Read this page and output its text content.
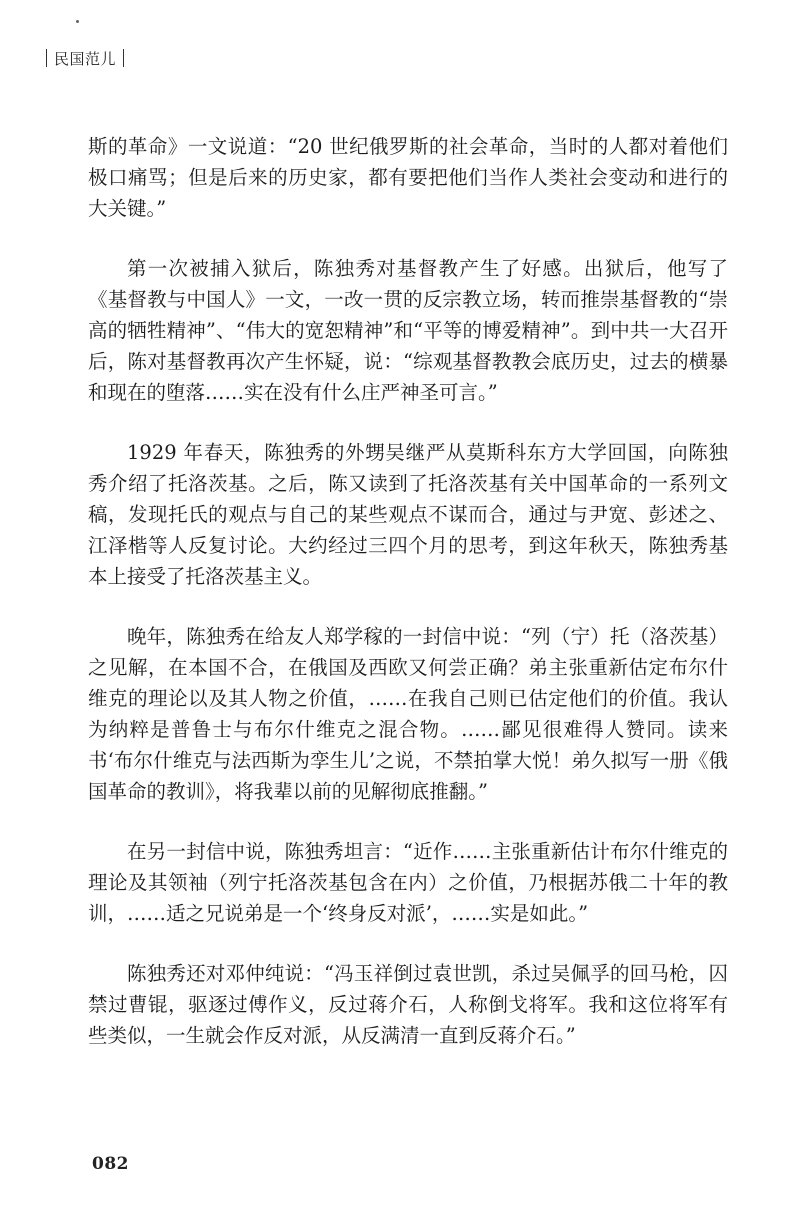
民国范儿

斯的革命》一文说道：“20 世纪俄罗斯的社会革命，当时的人都对着他们极口痛骂；但是后来的历史家，都有要把他们当作人类社会变动和进行的大关键。”

第一次被捕入狱后，陈独秀对基督教产生了好感。出狱后，他写了《基督教与中国人》一文，一改一贯的反宗教立场，转而推崇基督教的“崇高的牺牲精神”、“伟大的宽恕精神”和“平等的博爱精神”。到中共一大召开后，陈对基督教再次产生怀疑，说：“综观基督教教会底历史，过去的横暴和现在的堕落……实在没有什么庄严神圣可言。”

1929 年春天，陈独秀的外甥吴继严从莫斯科东方大学回国，向陈独秀介绍了托洛茨基。之后，陈又读到了托洛茨基有关中国革命的一系列文稿，发现托氏的观点与自己的某些观点不谋而合，通过与尹宽、彭述之、江泽楷等人反复讨论。大约经过三四个月的思考，到这年秋天，陈独秀基本上接受了托洛茨基主义。

晚年，陈独秀在给友人郑学稼的一封信中说：“列（宁）托（洛茨基）之见解，在本国不合，在俄国及西欧又何尝正确？弟主张重新估定布尔什维克的理论以及其人物之价值，……在我自己则已估定他们的价值。我认为纳粹是普鲁士与布尔什维克之混合物。……鄙见很难得人赞同。读来书‘布尔什维克与法西斯为孪生儿’之说，不禁拍掌大悦！弟久拟写一册《俄国革命的教训》，将我辈以前的见解彻底推翻。”

在另一封信中说，陈独秀坦言：“近作……主张重新估计布尔什维克的理论及其领袖（列宁托洛茨基包含在内）之价值，乃根据苏俄二十年的教训，……适之兄说弟是一个‘终身反对派’，……实是如此。”

陈独秀还对邓仲纯说：“冯玉祥倒过袁世凯，杀过吴佩孚的回马枪，囚禁过曹锟，驱逐过傅作义，反过蒋介石，人称倒戈将军。我和这位将军有些类似，一生就会作反对派，从反满清一直到反蒋介石。”

082
